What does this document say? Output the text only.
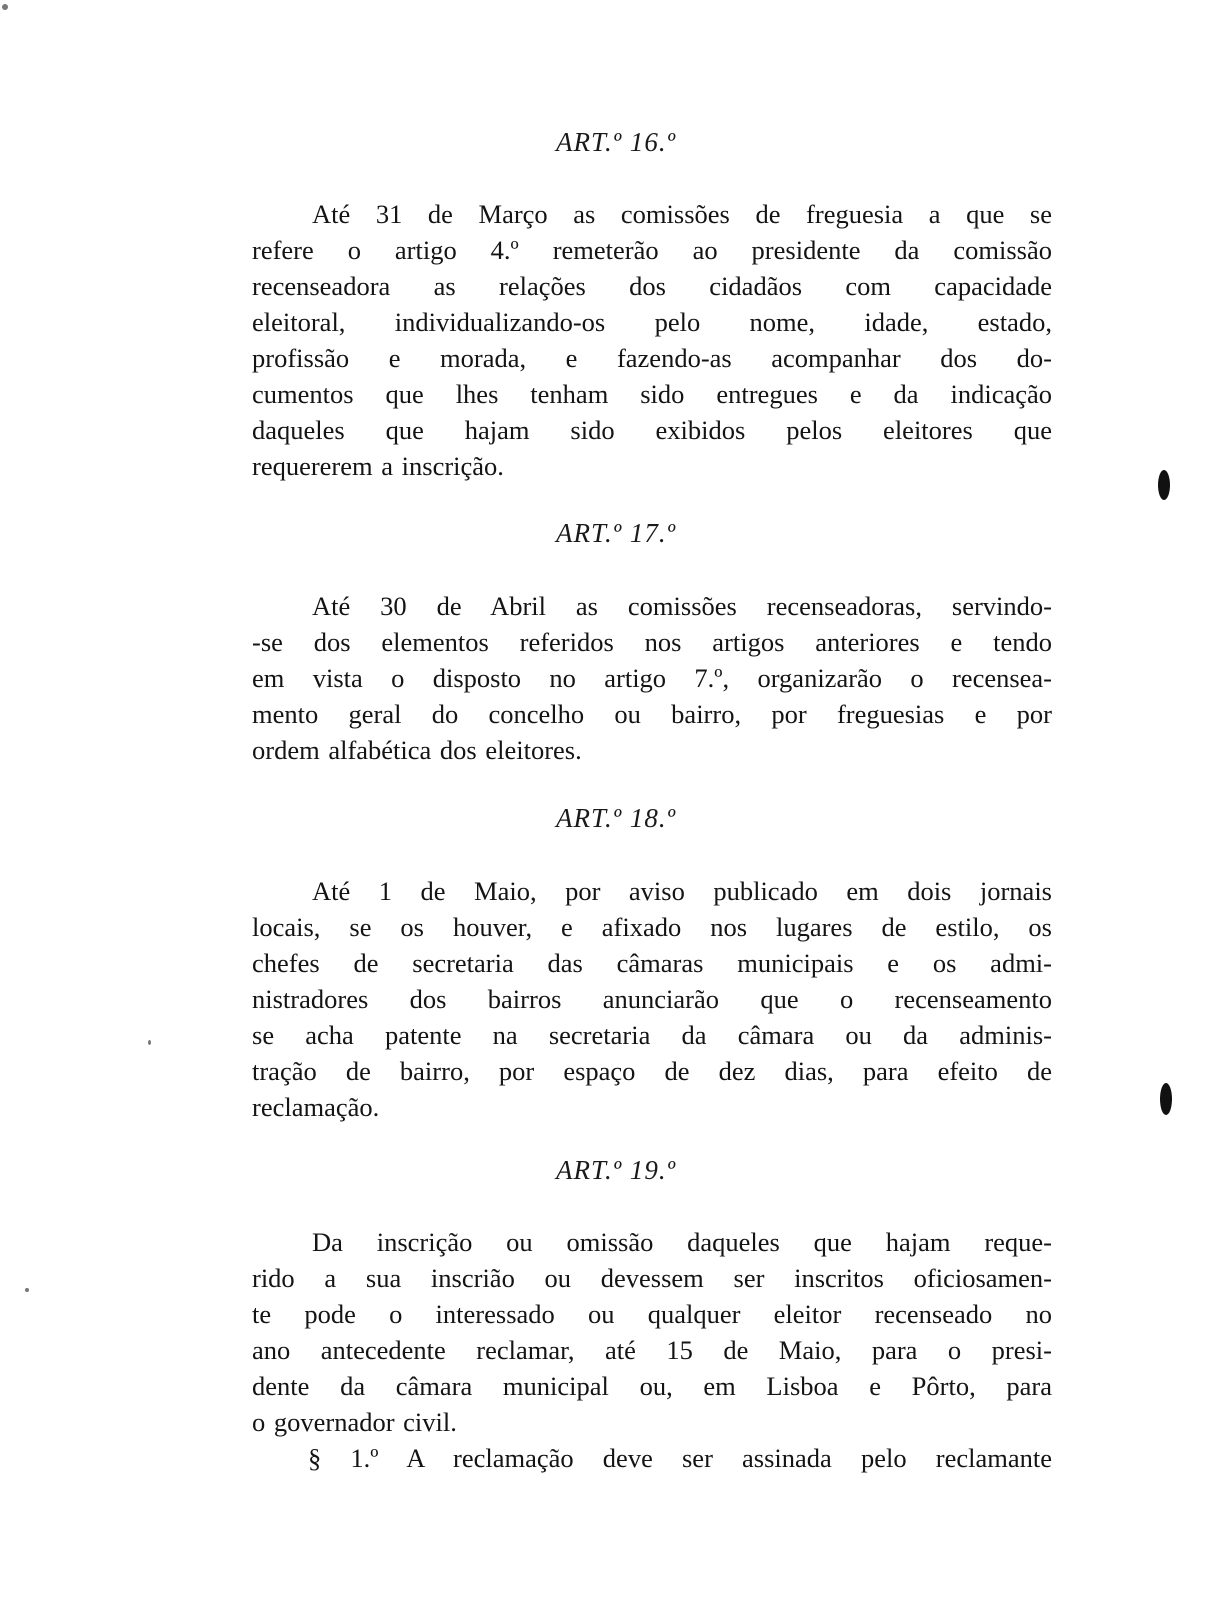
ART.º 16.º

Até 31 de Março as comissões de freguesia a que se
refere o artigo 4.º remeterão ao presidente da comissão
recenseadora as relações dos cidadãos com capacidade
eleitoral, individualizando-os pelo nome, idade, estado,
profissão e morada, e fazendo-as acompanhar dos do-
cumentos que lhes tenham sido entregues e da indicação
daqueles que hajam sido exibidos pelos eleitores que
requererem a inscrição.

ART.º 17.º

Até 30 de Abril as comissões recenseadoras, servindo-
-se dos elementos referidos nos artigos anteriores e tendo
em vista o disposto no artigo 7.º, organizarão o recensea-
mento geral do concelho ou bairro, por freguesias e por
ordem alfabética dos eleitores.

ART.º 18.º

Até 1 de Maio, por aviso publicado em dois jornais
locais, se os houver, e afixado nos lugares de estilo, os
chefes de secretaria das câmaras municipais e os admi-
nistradores dos bairros anunciarão que o recenseamento
se acha patente na secretaria da câmara ou da adminis-
tração de bairro, por espaço de dez dias, para efeito de
reclamação.

ART.º 19.º

Da inscrição ou omissão daqueles que hajam reque-
rido a sua inscrião ou devessem ser inscritos oficiosamen-
te pode o interessado ou qualquer eleitor recenseado no
ano antecedente reclamar, até 15 de Maio, para o presi-
dente da câmara municipal ou, em Lisboa e Pôrto, para
o governador civil.

§ 1.º A reclamação deve ser assinada pelo reclamante
